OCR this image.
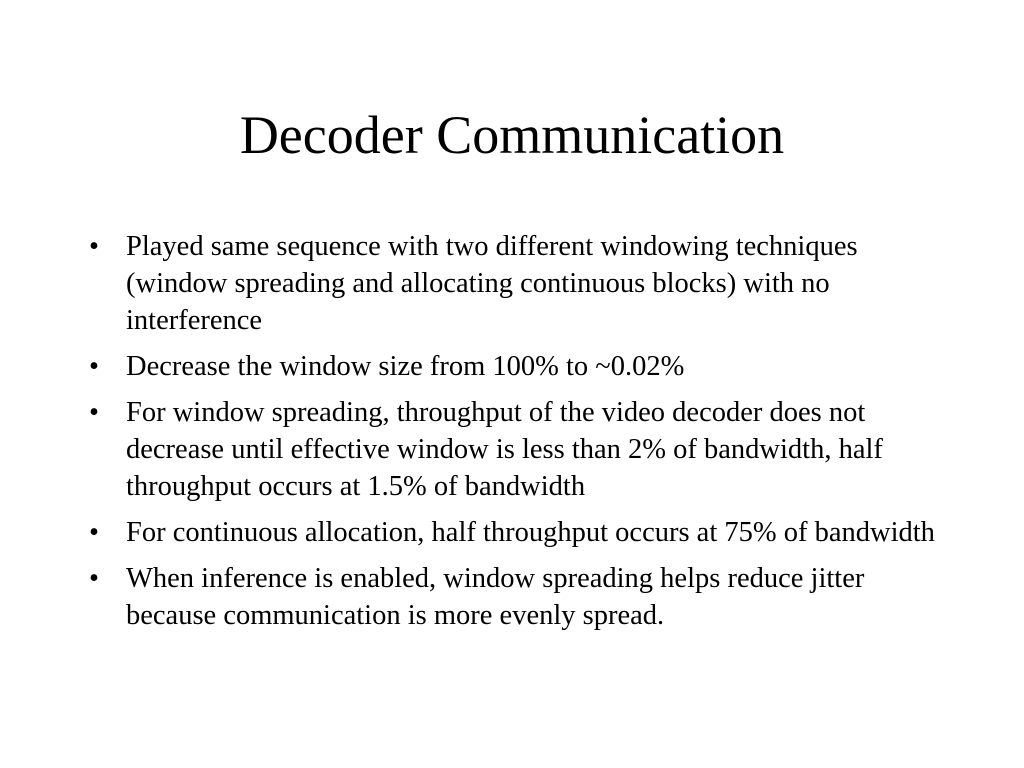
Decoder Communication
• Played same sequence with two different windowing techniques (window spreading and allocating continuous blocks) with no interference
• Decrease the window size from 100% to ~0.02%
• For window spreading, throughput of the video decoder does not decrease until effective window is less than 2% of bandwidth, half throughput occurs at 1.5% of bandwidth
• For continuous allocation, half throughput occurs at 75% of bandwidth
• When inference is enabled, window spreading helps reduce jitter because communication is more evenly spread.
